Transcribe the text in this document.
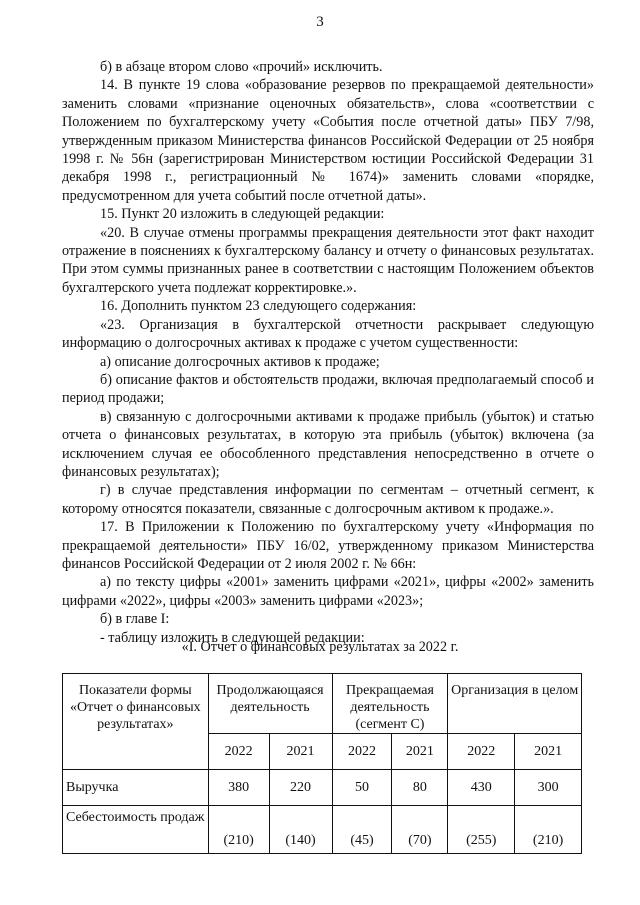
3

б) в абзаце втором слово «прочий» исключить.

14. В пункте 19 слова «образование резервов по прекращаемой деятельности» заменить словами «признание оценочных обязательств», слова «соответствии с Положением по бухгалтерскому учету «События после отчетной даты» ПБУ 7/98, утвержденным приказом Министерства финансов Российской Федерации от 25 ноября 1998 г. № 56н (зарегистрирован Министерством юстиции Российской Федерации 31 декабря 1998 г., регистрационный № 1674)» заменить словами «порядке, предусмотренном для учета событий после отчетной даты».

15. Пункт 20 изложить в следующей редакции:

«20. В случае отмены программы прекращения деятельности этот факт находит отражение в пояснениях к бухгалтерскому балансу и отчету о финансовых результатах. При этом суммы признанных ранее в соответствии с настоящим Положением объектов бухгалтерского учета подлежат корректировке.».

16. Дополнить пунктом 23 следующего содержания:

«23. Организация в бухгалтерской отчетности раскрывает следующую информацию о долгосрочных активах к продаже с учетом существенности:

а) описание долгосрочных активов к продаже;

б) описание фактов и обстоятельств продажи, включая предполагаемый способ и период продажи;

в) связанную с долгосрочными активами к продаже прибыль (убыток) и статью отчета о финансовых результатах, в которую эта прибыль (убыток) включена (за исключением случая ее обособленного представления непосредственно в отчете о финансовых результатах);

г) в случае представления информации по сегментам – отчетный сегмент, к которому относятся показатели, связанные с долгосрочным активом к продаже.».

17. В Приложении к Положению по бухгалтерскому учету «Информация по прекращаемой деятельности» ПБУ 16/02, утвержденному приказом Министерства финансов Российской Федерации от 2 июля 2002 г. № 66н:

а) по тексту цифры «2001» заменить цифрами «2021», цифры «2002» заменить цифрами «2022», цифры «2003» заменить цифрами «2023»;

б) в главе I:

- таблицу изложить в следующей редакции:

«I. Отчет о финансовых результатах за 2022 г.
Показатели формы «Отчет о финансовых результатах»	Продолжающаяся деятельность		Прекращаемая деятельность (сегмент С)		Организация в целом	
	2022	2021	2022	2021	2022	2021
Выручка	380	220	50	80	430	300
Себестоимость продаж	(210)	(140)	(45)	(70)	(255)	(210)
